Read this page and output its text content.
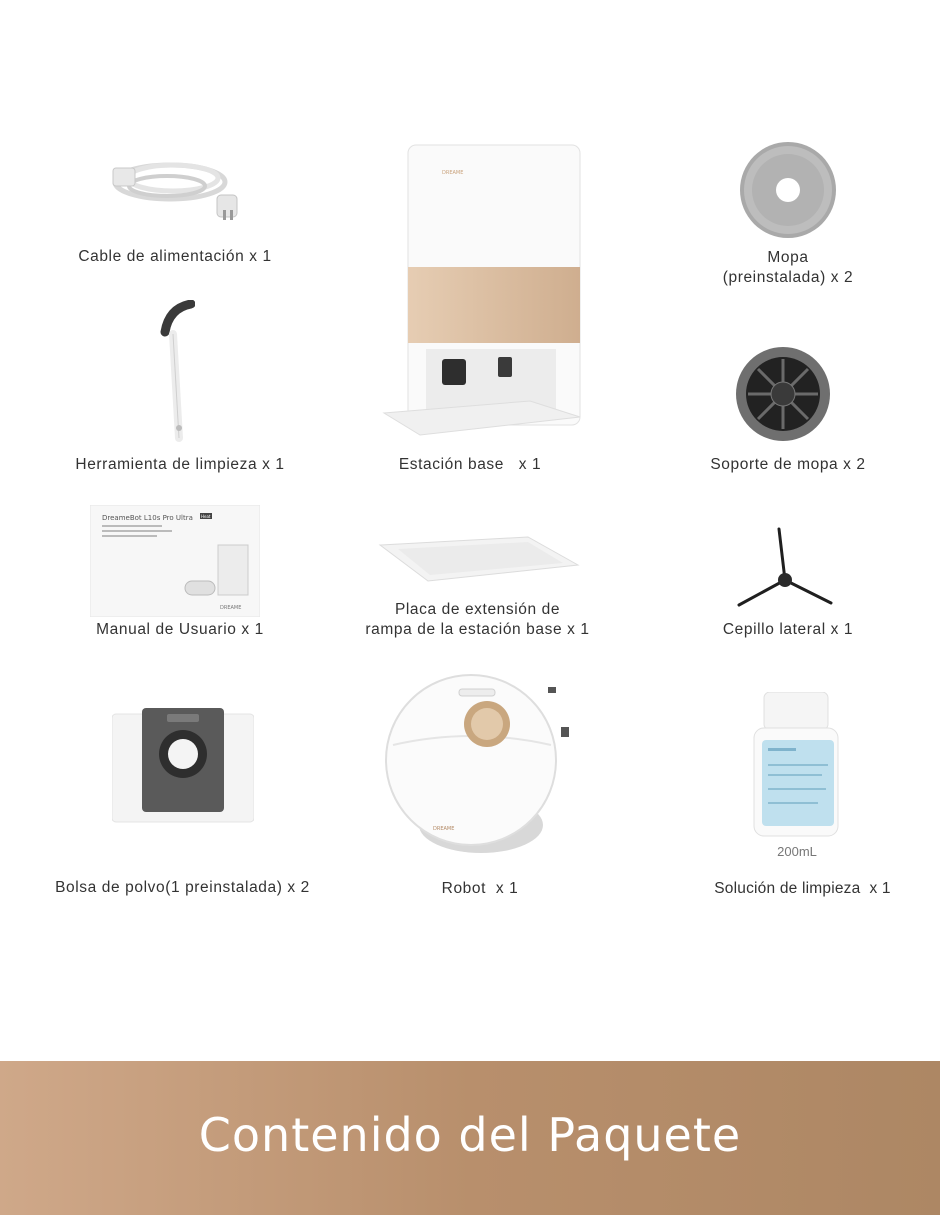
Cable de alimentación x 1	Mopa
(preinstalada) x 2
Herramienta de limpieza x 1
DREAME
Estación base   x 1	Soporte de mopa x 2
DreameBot L10s Pro Ultra Heat
DREAME
Manual de Usuario x 1
Placa de extensión de
rampa de la estación base x 1	Cepillo lateral x 1
Bolsa de polvo(1 preinstalada) x 2
DREAME
Robot  x 1
200mL
Solución de limpieza  x 1
Contenido del Paquete
